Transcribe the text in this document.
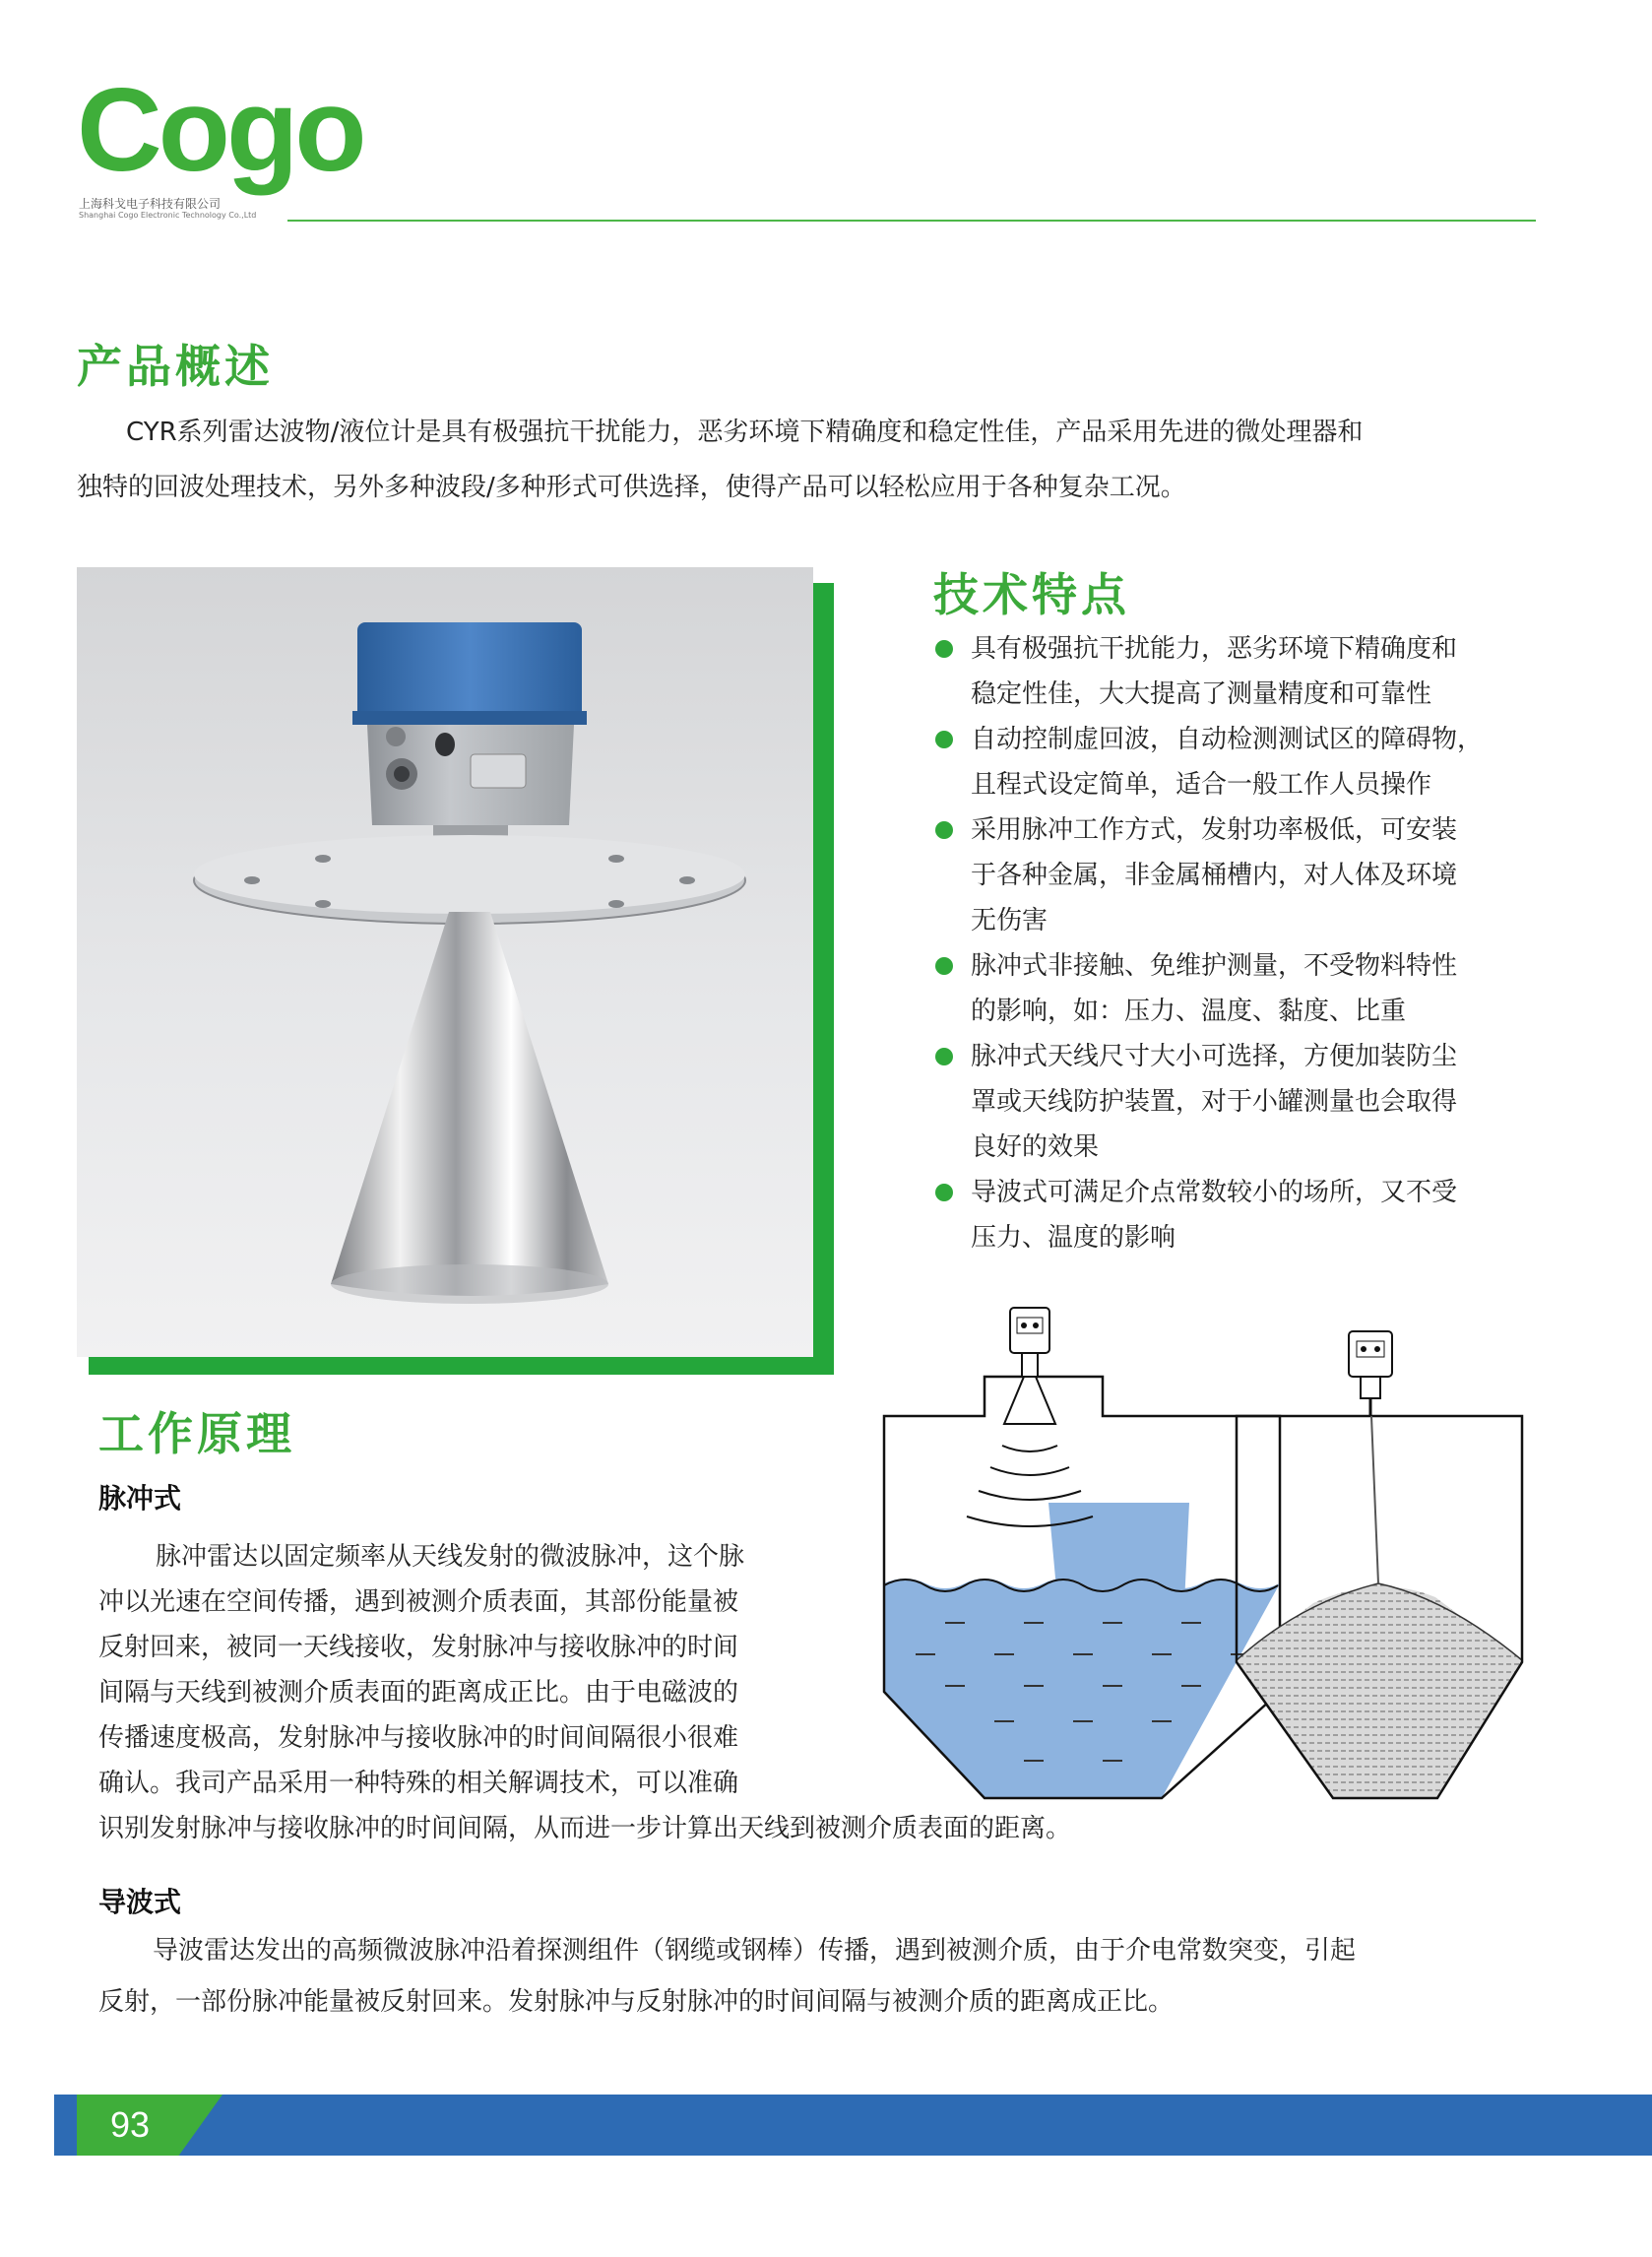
Cogo
上海科戈电子科技有限公司
Shanghai Cogo Electronic Technology Co.,Ltd
产品概述
CYR系列雷达波物/液位计是具有极强抗干扰能力，恶劣环境下精确度和稳定性佳，产品采用先进的微处理器和
独特的回波处理技术，另外多种波段/多种形式可供选择，使得产品可以轻松应用于各种复杂工况。
技术特点
具有极强抗干扰能力，恶劣环境下精确度和
稳定性佳，大大提高了测量精度和可靠性
自动控制虚回波，自动检测测试区的障碍物，
且程式设定简单，适合一般工作人员操作
采用脉冲工作方式，发射功率极低，可安装
于各种金属，非金属桶槽内，对人体及环境
无伤害
脉冲式非接触、免维护测量，不受物料特性
的影响，如：压力、温度、黏度、比重
脉冲式天线尺寸大小可选择，方便加装防尘
罩或天线防护装置，对于小罐测量也会取得
良好的效果
导波式可满足介点常数较小的场所，又不受
压力、温度的影响
工作原理
脉冲式
脉冲雷达以固定频率从天线发射的微波脉冲，这个脉
冲以光速在空间传播，遇到被测介质表面，其部份能量被
反射回来，被同一天线接收，发射脉冲与接收脉冲的时间
间隔与天线到被测介质表面的距离成正比。由于电磁波的
传播速度极高，发射脉冲与接收脉冲的时间间隔很小很难
确认。我司产品采用一种特殊的相关解调技术，可以准确
识别发射脉冲与接收脉冲的时间间隔，从而进一步计算出天线到被测介质表面的距离。
导波式
导波雷达发出的高频微波脉冲沿着探测组件（钢缆或钢棒）传播，遇到被测介质，由于介电常数突变，引起
反射，一部份脉冲能量被反射回来。发射脉冲与反射脉冲的时间间隔与被测介质的距离成正比。
93
